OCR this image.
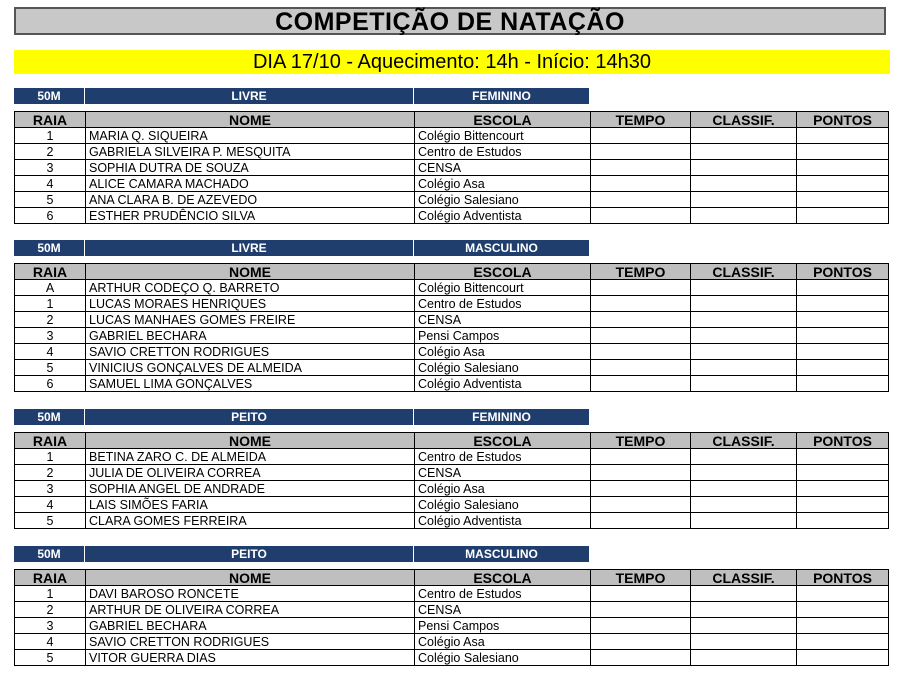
COMPETIÇÃO DE NATAÇÃO
DIA 17/10 - Aquecimento: 14h - Início: 14h30
50M	LIVRE	FEMININO
RAIA	NOME	ESCOLA	TEMPO	CLASSIF.	PONTOS
1	MARIA Q. SIQUEIRA	Colégio Bittencourt			
2	GABRIELA SILVEIRA P. MESQUITA	Centro de Estudos			
3	SOPHIA DUTRA DE SOUZA	CENSA			
4	ALICE CAMARA MACHADO	Colégio Asa			
5	ANA CLARA B. DE AZEVEDO	Colégio Salesiano			
6	ESTHER PRUDÊNCIO SILVA	Colégio Adventista			
50M	LIVRE	MASCULINO
RAIA	NOME	ESCOLA	TEMPO	CLASSIF.	PONTOS
A	ARTHUR CODEÇO Q. BARRETO	Colégio Bittencourt			
1	LUCAS MORAES HENRIQUES	Centro de Estudos			
2	LUCAS MANHAES GOMES FREIRE	CENSA			
3	GABRIEL BECHARA	Pensi Campos			
4	SAVIO CRETTON RODRIGUES	Colégio Asa			
5	VINICIUS GONÇALVES DE ALMEIDA	Colégio Salesiano			
6	SAMUEL LIMA GONÇALVES	Colégio Adventista			
50M	PEITO	FEMININO
RAIA	NOME	ESCOLA	TEMPO	CLASSIF.	PONTOS
1	BETINA ZARO C. DE ALMEIDA	Centro de Estudos			
2	JULIA DE OLIVEIRA CORREA	CENSA			
3	SOPHIA ANGEL DE ANDRADE	Colégio Asa			
4	LAIS SIMÕES FARIA	Colégio Salesiano			
5	CLARA GOMES FERREIRA	Colégio Adventista			
50M	PEITO	MASCULINO
RAIA	NOME	ESCOLA	TEMPO	CLASSIF.	PONTOS
1	DAVI BAROSO RONCETE	Centro de Estudos			
2	ARTHUR DE OLIVEIRA CORREA	CENSA			
3	GABRIEL BECHARA	Pensi Campos			
4	SAVIO CRETTON RODRIGUES	Colégio Asa			
5	VITOR GUERRA DIAS	Colégio Salesiano			
